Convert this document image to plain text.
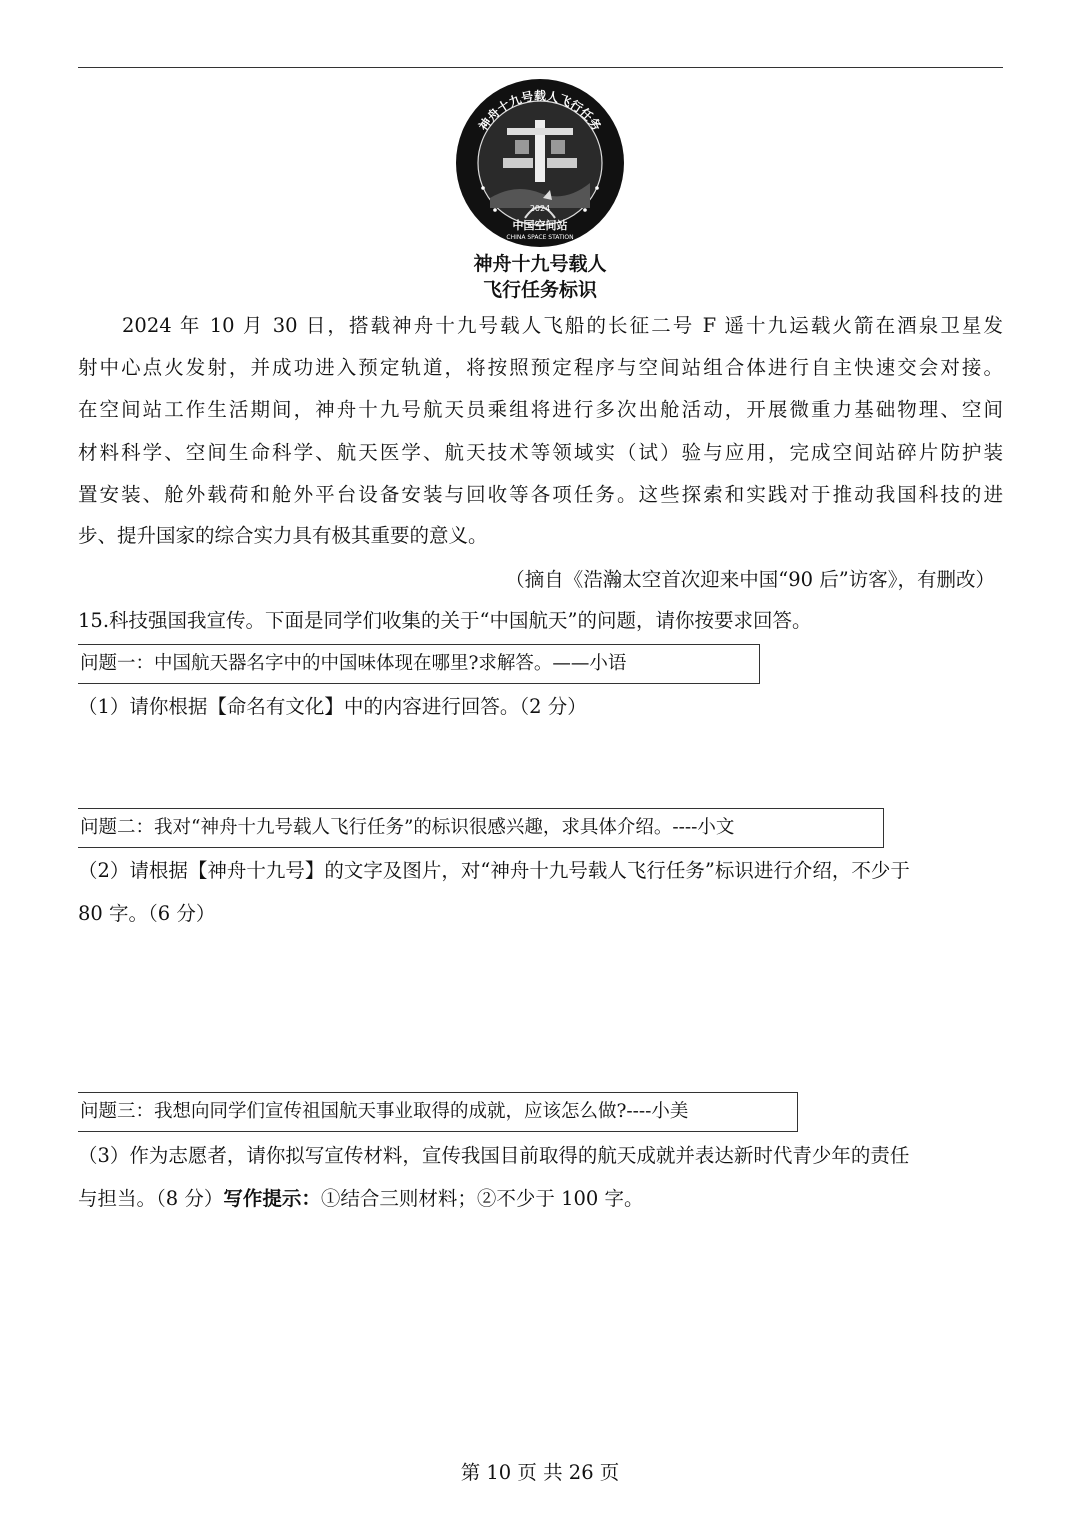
神舟十九号载人飞行任务
2024
中国空间站
CHINA SPACE STATION
神舟十九号载人
飞行任务标识
2024 年 10 月 30 日，搭载神舟十九号载人飞船的长征二号 F 遥十九运载火箭在酒泉卫星发
射中心点火发射，并成功进入预定轨道，将按照预定程序与空间站组合体进行自主快速交会对接。
在空间站工作生活期间，神舟十九号航天员乘组将进行多次出舱活动，开展微重力基础物理、空间
材料科学、空间生命科学、航天医学、航天技术等领域实（试）验与应用，完成空间站碎片防护装
置安装、舱外载荷和舱外平台设备安装与回收等各项任务。这些探索和实践对于推动我国科技的进
步、提升国家的综合实力具有极其重要的意义。
（摘自《浩瀚太空首次迎来中国“90 后”访客》，有删改）
15.科技强国我宣传。下面是同学们收集的关于“中国航天”的问题，请你按要求回答。
问题一：中国航天器名字中的中国味体现在哪里?求解答。——小语
（1）请你根据【命名有文化】中的内容进行回答。（2 分）
问题二：我对“神舟十九号载人飞行任务”的标识很感兴趣，求具体介绍。----小文
（2）请根据【神舟十九号】的文字及图片，对“神舟十九号载人飞行任务”标识进行介绍，不少于
80 字。（6 分）
问题三：我想向同学们宣传祖国航天事业取得的成就，应该怎么做?----小美
（3）作为志愿者，请你拟写宣传材料，宣传我国目前取得的航天成就并表达新时代青少年的责任
与担当。（8 分）写作提示：①结合三则材料；②不少于 100 字。
第 10 页 共 26 页
